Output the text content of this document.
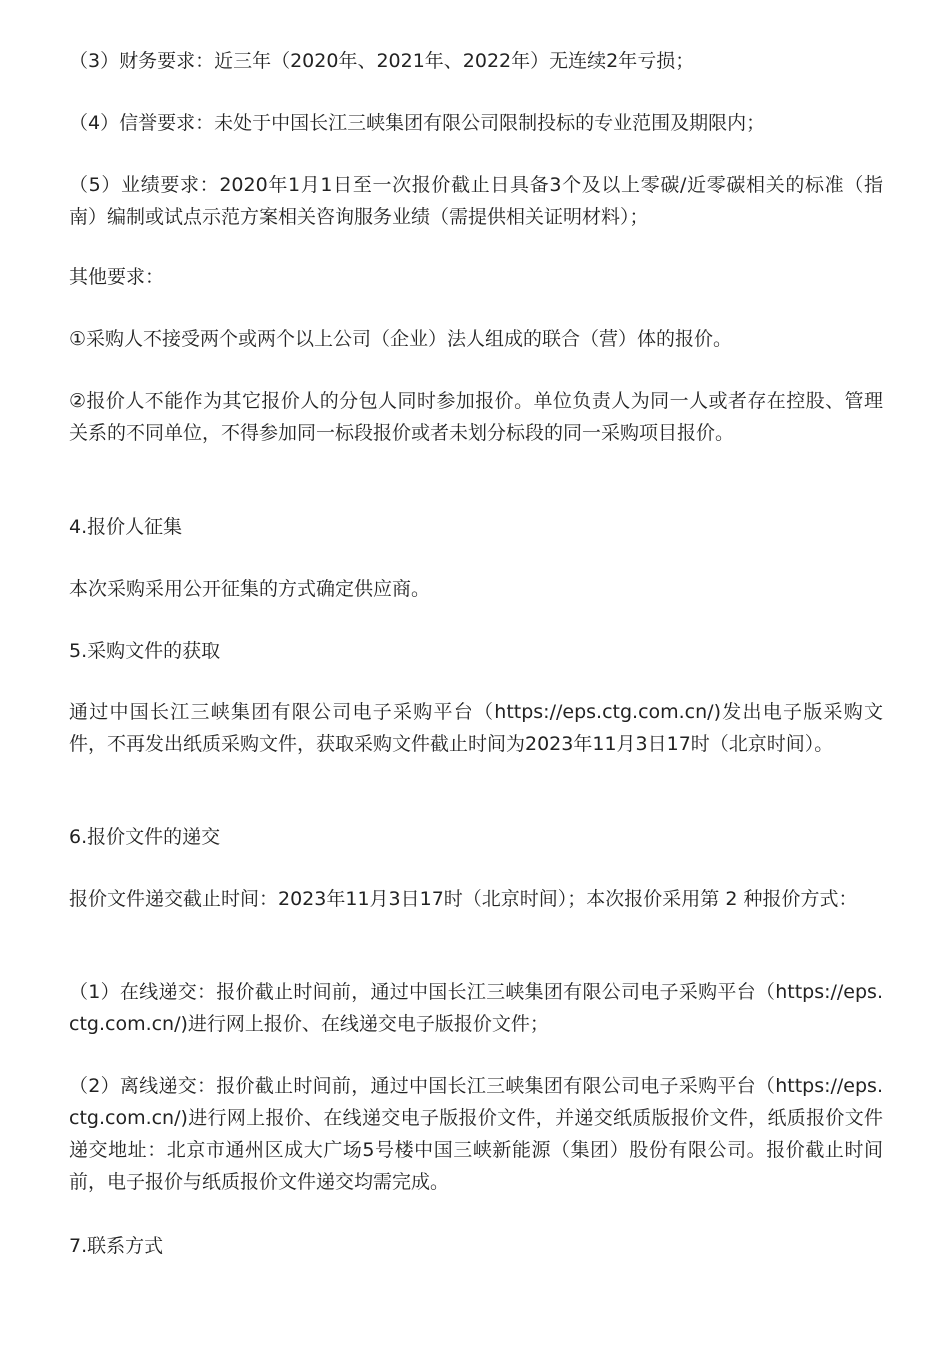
（3）财务要求：近三年（2020年、2021年、2022年）无连续2年亏损；

（4）信誉要求：未处于中国长江三峡集团有限公司限制投标的专业范围及期限内；

（5）业绩要求：2020年1月1日至一次报价截止日具备3个及以上零碳/近零碳相关的标准（指南）编制或试点示范方案相关咨询服务业绩（需提供相关证明材料）；

其他要求：

①采购人不接受两个或两个以上公司（企业）法人组成的联合（营）体的报价。

②报价人不能作为其它报价人的分包人同时参加报价。单位负责人为同一人或者存在控股、管理关系的不同单位，不得参加同一标段报价或者未划分标段的同一采购项目报价。

4.报价人征集

本次采购采用公开征集的方式确定供应商。

5.采购文件的获取

通过中国长江三峡集团有限公司电子采购平台（https://eps.ctg.com.cn/)发出电子版采购文件，不再发出纸质采购文件，获取采购文件截止时间为2023年11月3日17时（北京时间）。

6.报价文件的递交

报价文件递交截止时间：2023年11月3日17时（北京时间）；本次报价采用第 2 种报价方式：

（1）在线递交：报价截止时间前，通过中国长江三峡集团有限公司电子采购平台（https://eps.ctg.com.cn/)进行网上报价、在线递交电子版报价文件；

（2）离线递交：报价截止时间前，通过中国长江三峡集团有限公司电子采购平台（https://eps.ctg.com.cn/)进行网上报价、在线递交电子版报价文件，并递交纸质版报价文件，纸质报价文件递交地址：北京市通州区成大广场5号楼中国三峡新能源（集团）股份有限公司。报价截止时间前，电子报价与纸质报价文件递交均需完成。

7.联系方式
